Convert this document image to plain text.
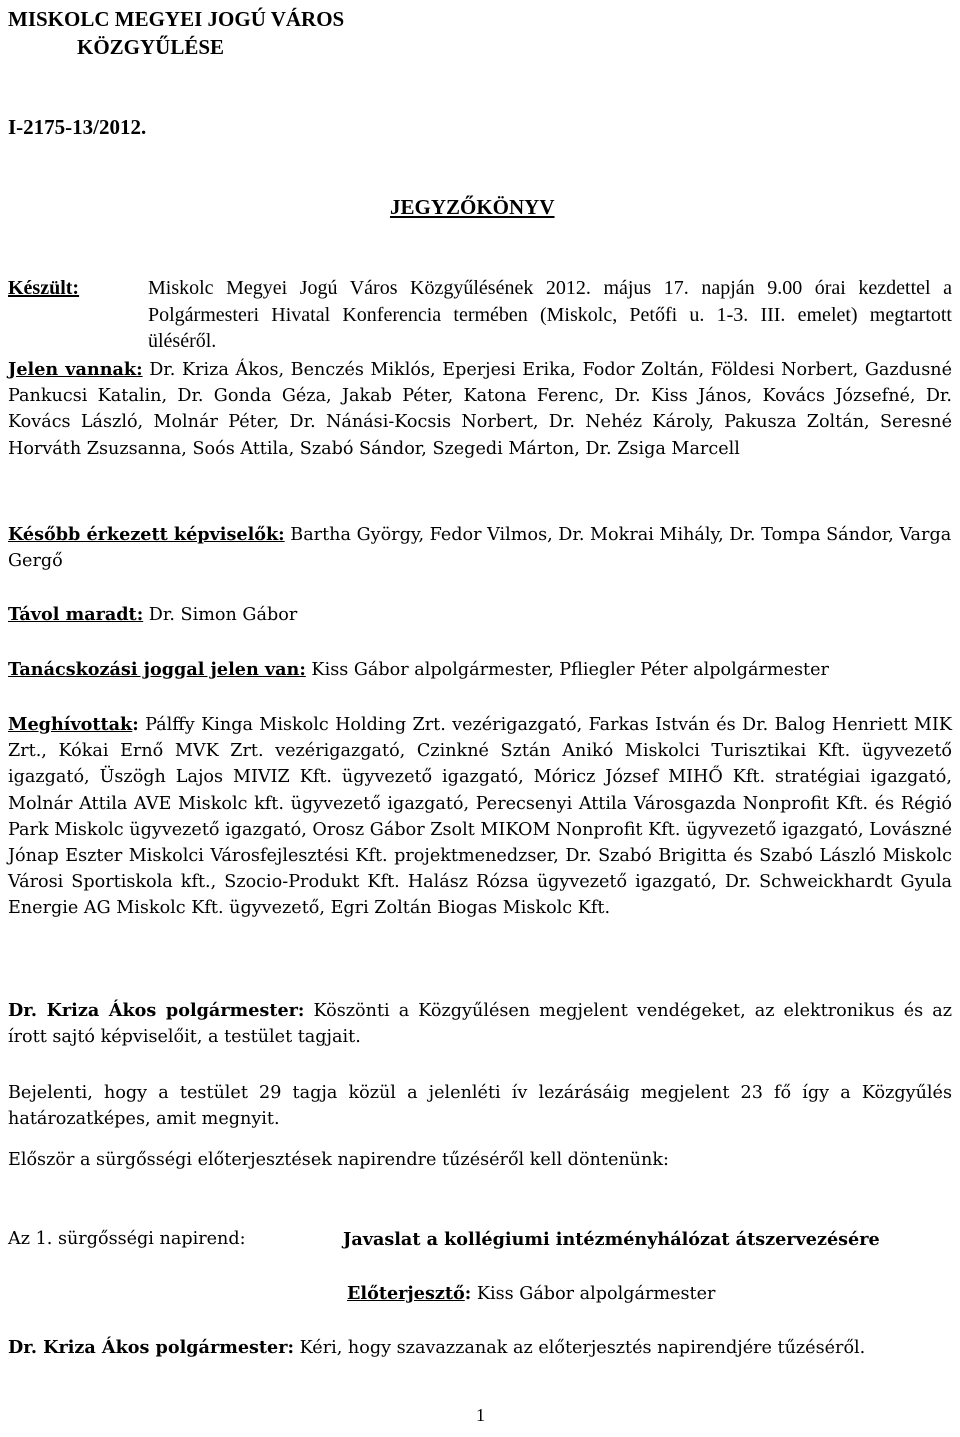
MISKOLC MEGYEI JOGÚ VÁROS
KÖZGYŰLÉSE
I-2175-13/2012.
JEGYZŐKÖNYV
Készült:	Miskolc Megyei Jogú Város Közgyűlésének 2012. május 17. napján 9.00 órai kezdettel a Polgármesteri Hivatal Konferencia termében (Miskolc, Petőfi u. 1-3. III. emelet) megtartott üléséről.

Jelen vannak: Dr. Kriza Ákos, Benczés Miklós, Eperjesi Erika, Fodor Zoltán, Földesi Norbert, Gazdusné Pankucsi Katalin, Dr. Gonda Géza, Jakab Péter, Katona Ferenc, Dr. Kiss János, Kovács Józsefné, Dr. Kovács László, Molnár Péter, Dr. Nánási-Kocsis Norbert, Dr. Nehéz Károly, Pakusza Zoltán, Seresné Horváth Zsuzsanna, Soós Attila, Szabó Sándor, Szegedi Márton, Dr. Zsiga Marcell

Később érkezett képviselők: Bartha György, Fedor Vilmos, Dr. Mokrai Mihály, Dr. Tompa Sándor, Varga Gergő

Távol maradt: Dr. Simon Gábor
Tanácskozási joggal jelen van: Kiss Gábor alpolgármester, Pfliegler Péter alpolgármester

Meghívottak: Pálffy Kinga Miskolc Holding Zrt. vezérigazgató, Farkas István és Dr. Balog Henriett MIK Zrt., Kókai Ernő MVK Zrt. vezérigazgató, Czinkné Sztán Anikó Miskolci Turisztikai Kft. ügyvezető igazgató, Üszögh Lajos MIVIZ Kft. ügyvezető igazgató, Móricz József MIHŐ Kft. stratégiai igazgató, Molnár Attila AVE Miskolc kft. ügyvezető igazgató, Perecsenyi Attila Városgazda Nonprofit Kft. és Régió Park Miskolc ügyvezető igazgató, Orosz Gábor Zsolt MIKOM Nonprofit Kft. ügyvezető igazgató, Lovászné Jónap Eszter Miskolci Városfejlesztési Kft. projektmenedzser, Dr. Szabó Brigitta és Szabó László Miskolc Városi Sportiskola kft., Szocio-Produkt Kft. Halász Rózsa ügyvezető igazgató, Dr. Schweickhardt Gyula Energie AG Miskolc Kft. ügyvezető, Egri Zoltán Biogas Miskolc Kft.

Dr. Kriza Ákos polgármester: Köszönti a Közgyűlésen megjelent vendégeket, az elektronikus és az írott sajtó képviselőit, a testület tagjait.

Bejelenti, hogy a testület 29 tagja közül a jelenléti ív lezárásáig megjelent 23 fő így a Közgyűlés határozatképes, amit megnyit.

Először a sürgősségi előterjesztések napirendre tűzéséről kell döntenünk:
Az 1. sürgősségi napirend:	Javaslat a kollégiumi intézményhálózat átszervezésére
Előterjesztő: Kiss Gábor alpolgármester
Dr. Kriza Ákos polgármester: Kéri, hogy szavazzanak az előterjesztés napirendjére tűzéséről.
1
